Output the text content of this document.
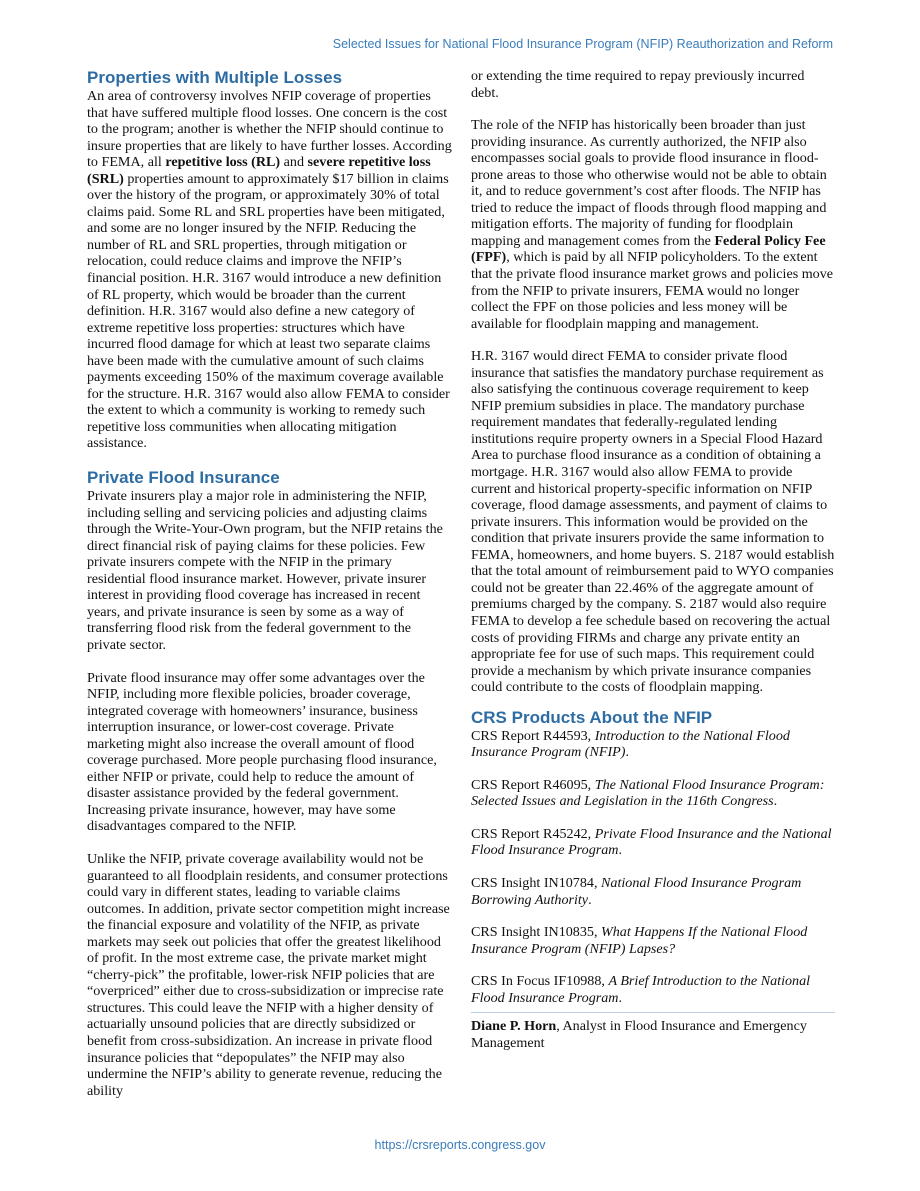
Selected Issues for National Flood Insurance Program (NFIP) Reauthorization and Reform
Properties with Multiple Losses

An area of controversy involves NFIP coverage of properties that have suffered multiple flood losses. One concern is the cost to the program; another is whether the NFIP should continue to insure properties that are likely to have further losses. According to FEMA, all repetitive loss (RL) and severe repetitive loss (SRL) properties amount to approximately $17 billion in claims over the history of the program, or approximately 30% of total claims paid. Some RL and SRL properties have been mitigated, and some are no longer insured by the NFIP. Reducing the number of RL and SRL properties, through mitigation or relocation, could reduce claims and improve the NFIP’s financial position. H.R. 3167 would introduce a new definition of RL property, which would be broader than the current definition. H.R. 3167 would also define a new category of extreme repetitive loss properties: structures which have incurred flood damage for which at least two separate claims have been made with the cumulative amount of such claims payments exceeding 150% of the maximum coverage available for the structure. H.R. 3167 would also allow FEMA to consider the extent to which a community is working to remedy such repetitive loss communities when allocating mitigation assistance.

Private Flood Insurance

Private insurers play a major role in administering the NFIP, including selling and servicing policies and adjusting claims through the Write-Your-Own program, but the NFIP retains the direct financial risk of paying claims for these policies. Few private insurers compete with the NFIP in the primary residential flood insurance market. However, private insurer interest in providing flood coverage has increased in recent years, and private insurance is seen by some as a way of transferring flood risk from the federal government to the private sector.

Private flood insurance may offer some advantages over the NFIP, including more flexible policies, broader coverage, integrated coverage with homeowners’ insurance, business interruption insurance, or lower-cost coverage. Private marketing might also increase the overall amount of flood coverage purchased. More people purchasing flood insurance, either NFIP or private, could help to reduce the amount of disaster assistance provided by the federal government. Increasing private insurance, however, may have some disadvantages compared to the NFIP.

Unlike the NFIP, private coverage availability would not be guaranteed to all floodplain residents, and consumer protections could vary in different states, leading to variable claims outcomes. In addition, private sector competition might increase the financial exposure and volatility of the NFIP, as private markets may seek out policies that offer the greatest likelihood of profit. In the most extreme case, the private market might “cherry-pick” the profitable, lower-risk NFIP policies that are “overpriced” either due to cross-subsidization or imprecise rate structures. This could leave the NFIP with a higher density of actuarially unsound policies that are directly subsidized or benefit from cross-subsidization. An increase in private flood insurance policies that “depopulates” the NFIP may also undermine the NFIP’s ability to generate revenue, reducing the ability

or extending the time required to repay previously incurred debt.

The role of the NFIP has historically been broader than just providing insurance. As currently authorized, the NFIP also encompasses social goals to provide flood insurance in flood-prone areas to those who otherwise would not be able to obtain it, and to reduce government’s cost after floods. The NFIP has tried to reduce the impact of floods through flood mapping and mitigation efforts. The majority of funding for floodplain mapping and management comes from the Federal Policy Fee (FPF), which is paid by all NFIP policyholders. To the extent that the private flood insurance market grows and policies move from the NFIP to private insurers, FEMA would no longer collect the FPF on those policies and less money will be available for floodplain mapping and management.

H.R. 3167 would direct FEMA to consider private flood insurance that satisfies the mandatory purchase requirement as also satisfying the continuous coverage requirement to keep NFIP premium subsidies in place. The mandatory purchase requirement mandates that federally-regulated lending institutions require property owners in a Special Flood Hazard Area to purchase flood insurance as a condition of obtaining a mortgage. H.R. 3167 would also allow FEMA to provide current and historical property-specific information on NFIP coverage, flood damage assessments, and payment of claims to private insurers. This information would be provided on the condition that private insurers provide the same information to FEMA, homeowners, and home buyers. S. 2187 would establish that the total amount of reimbursement paid to WYO companies could not be greater than 22.46% of the aggregate amount of premiums charged by the company. S. 2187 would also require FEMA to develop a fee schedule based on recovering the actual costs of providing FIRMs and charge any private entity an appropriate fee for use of such maps. This requirement could provide a mechanism by which private insurance companies could contribute to the costs of floodplain mapping.

CRS Products About the NFIP

CRS Report R44593, Introduction to the National Flood Insurance Program (NFIP).

CRS Report R46095, The National Flood Insurance Program: Selected Issues and Legislation in the 116th Congress.

CRS Report R45242, Private Flood Insurance and the National Flood Insurance Program.

CRS Insight IN10784, National Flood Insurance Program Borrowing Authority.

CRS Insight IN10835, What Happens If the National Flood Insurance Program (NFIP) Lapses?

CRS In Focus IF10988, A Brief Introduction to the National Flood Insurance Program.

Diane P. Horn, Analyst in Flood Insurance and Emergency Management

https://crsreports.congress.gov
